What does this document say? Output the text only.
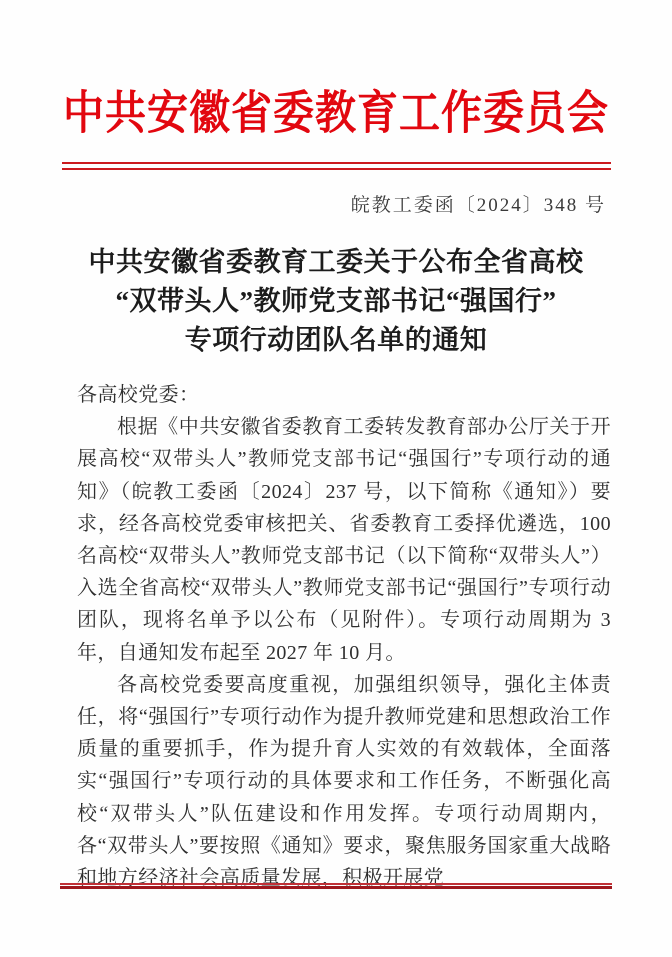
中共安徽省委教育工作委员会
皖教工委函〔2024〕348 号
中共安徽省委教育工委关于公布全省高校
“双带头人”教师党支部书记“强国行”
专项行动团队名单的通知

各高校党委：

根据《中共安徽省委教育工委转发教育部办公厅关于开展高校“双带头人”教师党支部书记“强国行”专项行动的通知》（皖教工委函〔2024〕237 号，以下简称《通知》）要求，经各高校党委审核把关、省委教育工委择优遴选，100 名高校“双带头人”教师党支部书记（以下简称“双带头人”）入选全省高校“双带头人”教师党支部书记“强国行”专项行动团队，现将名单予以公布（见附件）。专项行动周期为 3 年，自通知发布起至 2027 年 10 月。

各高校党委要高度重视，加强组织领导，强化主体责任，将“强国行”专项行动作为提升教师党建和思想政治工作质量的重要抓手，作为提升育人实效的有效载体，全面落实“强国行”专项行动的具体要求和工作任务，不断强化高校“双带头人”队伍建设和作用发挥。专项行动周期内，各“双带头人”要按照《通知》要求，聚焦服务国家重大战略和地方经济社会高质量发展，积极开展党
